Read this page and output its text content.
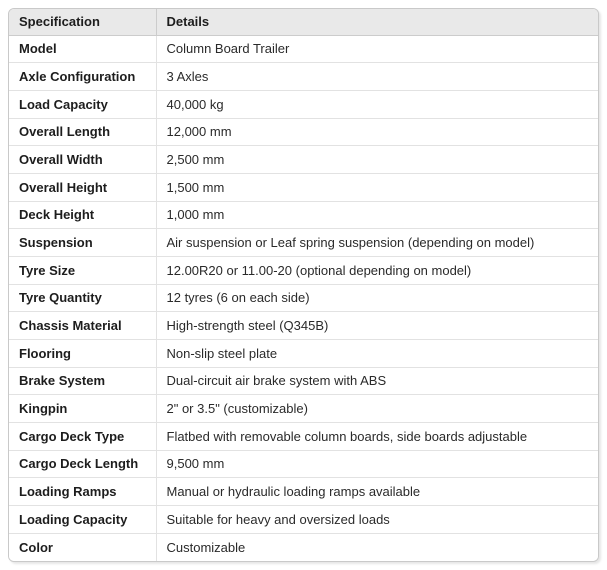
Specification	Details
Model	Column Board Trailer
Axle Configuration	3 Axles
Load Capacity	40,000 kg
Overall Length	12,000 mm
Overall Width	2,500 mm
Overall Height	1,500 mm
Deck Height	1,000 mm
Suspension	Air suspension or Leaf spring suspension (depending on model)
Tyre Size	12.00R20 or 11.00-20 (optional depending on model)
Tyre Quantity	12 tyres (6 on each side)
Chassis Material	High-strength steel (Q345B)
Flooring	Non-slip steel plate
Brake System	Dual-circuit air brake system with ABS
Kingpin	2" or 3.5" (customizable)
Cargo Deck Type	Flatbed with removable column boards, side boards adjustable
Cargo Deck Length	9,500 mm
Loading Ramps	Manual or hydraulic loading ramps available
Loading Capacity	Suitable for heavy and oversized loads
Color	Customizable
